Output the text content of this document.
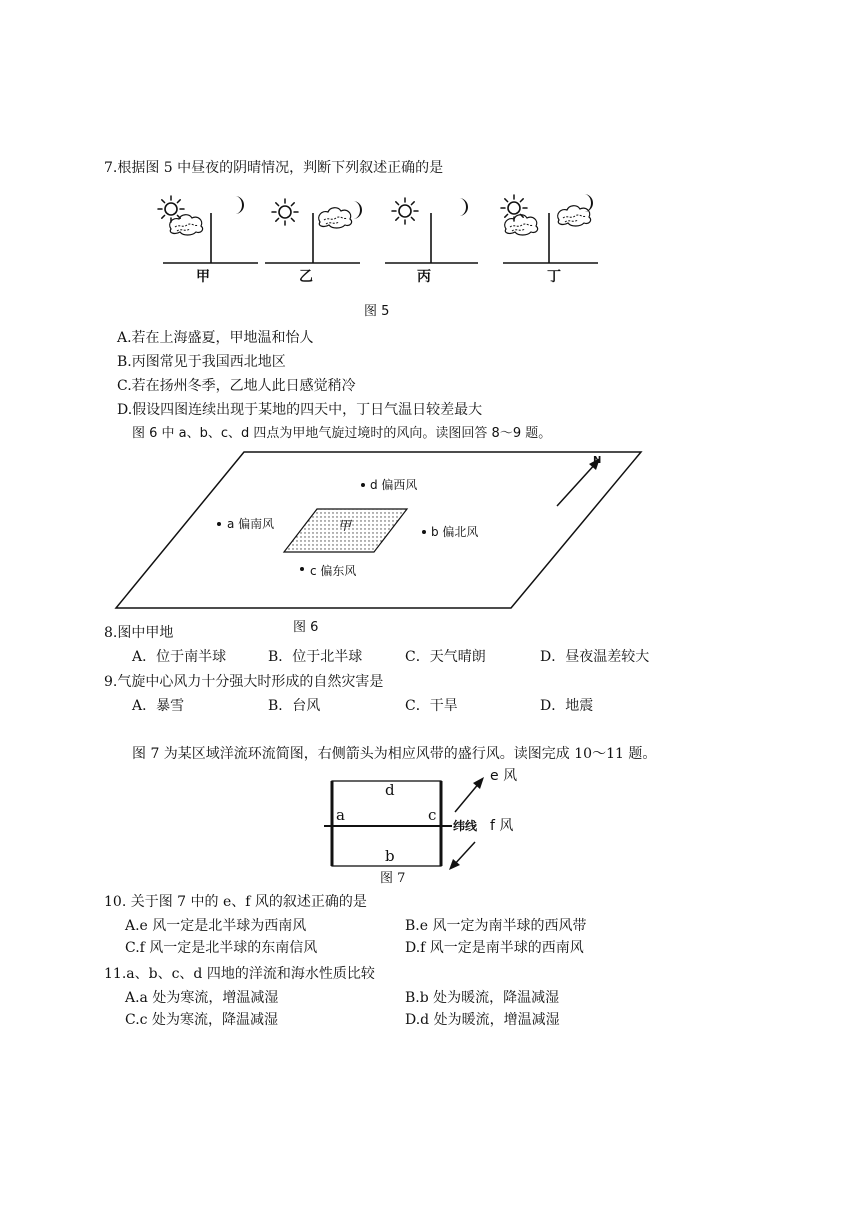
7.根据图 5 中昼夜的阴晴情况，判断下列叙述正确的是
甲	乙	丙	丁
图 5
A.若在上海盛夏，甲地温和怡人
B.丙图常见于我国西北地区
C.若在扬州冬季，乙地人此日感觉稍冷
D.假设四图连续出现于某地的四天中，丁日气温日较差最大
图 6 中 a、b、c、d 四点为甲地气旋过境时的风向。读图回答 8～9 题。
N
甲
d 偏西风
a 偏南风
b 偏北风
c 偏东风
图 6
8.图中甲地
A．位于南半球	B．位于北半球	C．天气晴朗	D．昼夜温差较大
9.气旋中心风力十分强大时形成的自然灾害是
A．暴雪	B．台风	C．干旱	D．地震
图 7 为某区域洋流环流简图，右侧箭头为相应风带的盛行风。读图完成 10～11 题。
d
a	c
b
纬线
e 风
f 风
图 7
10. 关于图 7 中的 e、f 风的叙述正确的是
A.e 风一定是北半球为西南风	B.e 风一定为南半球的西风带
C.f 风一定是北半球的东南信风	D.f 风一定是南半球的西南风
11.a、b、c、d 四地的洋流和海水性质比较
A.a 处为寒流，增温减湿	B.b 处为暖流，降温减湿
C.c 处为寒流，降温减湿	D.d 处为暖流，增温减湿
